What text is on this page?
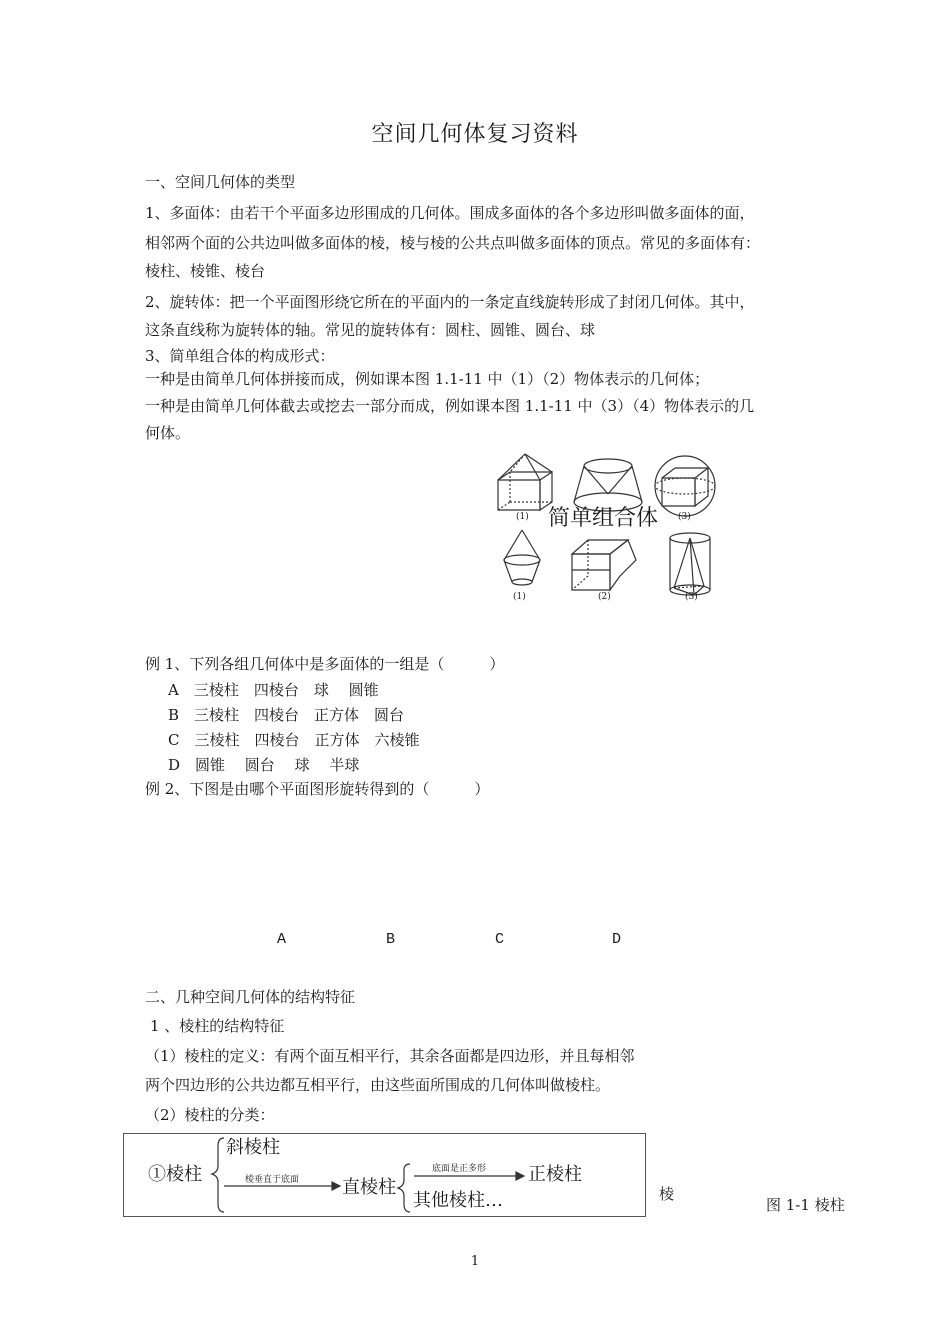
空间几何体复习资料
一、空间几何体的类型
1、多面体：由若干个平面多边形围成的几何体。围成多面体的各个多边形叫做多面体的面，
相邻两个面的公共边叫做多面体的棱，棱与棱的公共点叫做多面体的顶点。常见的多面体有：
棱柱、棱锥、棱台
2、旋转体：把一个平面图形绕它所在的平面内的一条定直线旋转形成了封闭几何体。其中，
这条直线称为旋转体的轴。常见的旋转体有：圆柱、圆锥、圆台、球
3、简单组合体的构成形式：
一种是由简单几何体拼接而成，例如课本图 1.1-11 中（1）（2）物体表示的几何体；
一种是由简单几何体截去或挖去一部分而成，例如课本图 1.1-11 中（3）（4）物体表示的几
何体。
(1)	(3)
(1)	(2)	(3)
简单组合体
例 1、下列各组几何体中是多面体的一组是（　　　）
A　三棱柱　四棱台　球　 圆锥
B　三棱柱　四棱台　正方体　圆台
C　三棱柱　四棱台　正方体　六棱锥
D　圆锥　 圆台　 球　 半球
例 2、下图是由哪个平面图形旋转得到的（　　　）
A	B	C	D
二、几种空间几何体的结构特征
1 、棱柱的结构特征
（1）棱柱的定义：有两个面互相平行，其余各面都是四边形，并且每相邻
两个四边形的公共边都互相平行，由这些面所围成的几何体叫做棱柱。
（2）棱柱的分类：
①棱柱
斜棱柱
棱垂直于底面 直棱柱
底面是正多形 正棱柱
其他棱柱…	棱
图 1-1 棱柱
1
